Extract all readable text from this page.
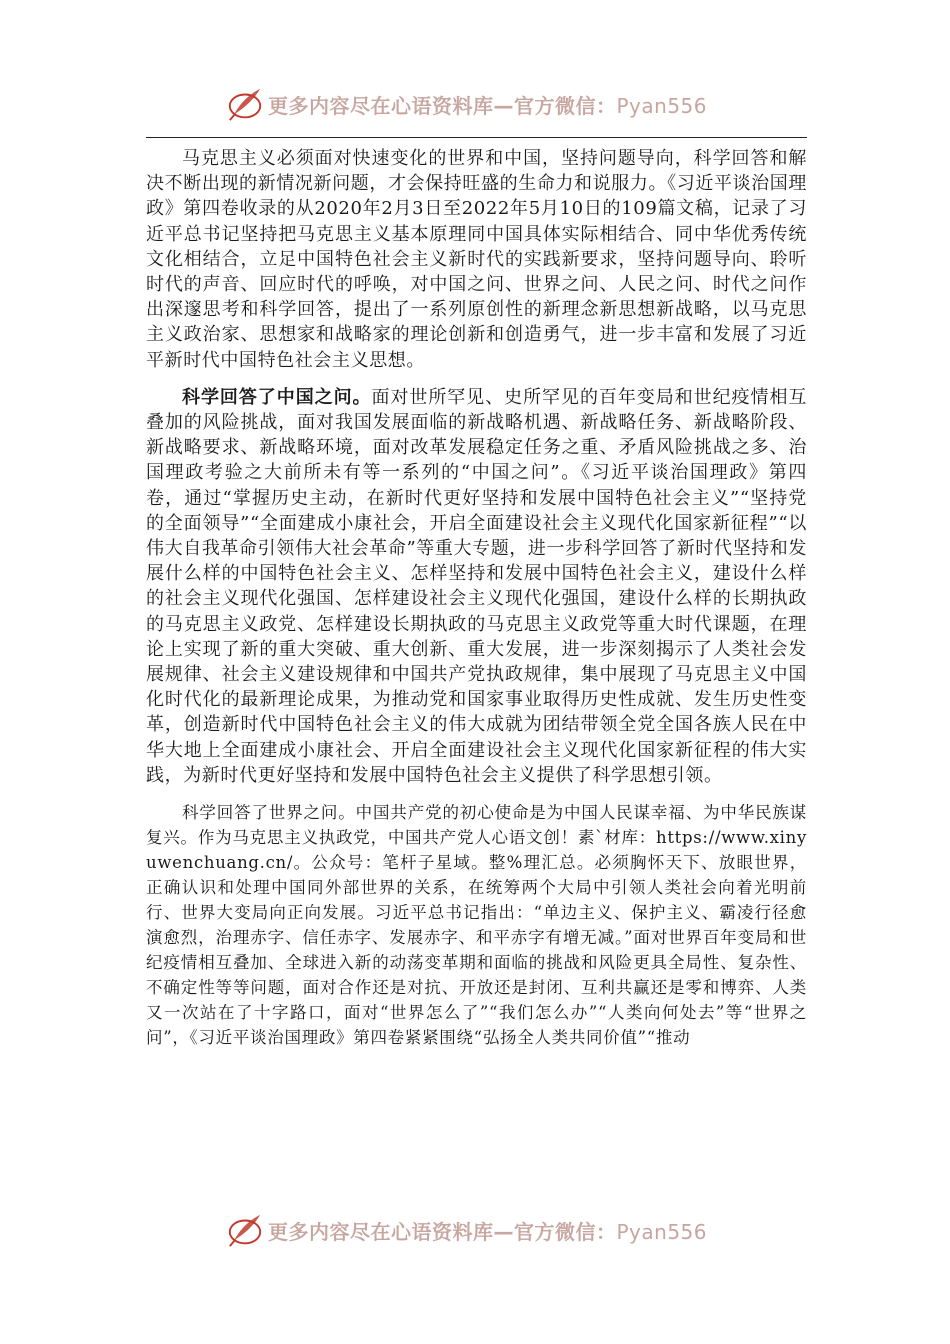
更多内容尽在心语资料库—官方微信：Pyan556

马克思主义必须面对快速变化的世界和中国，坚持问题导向，科学回答和解决不断出现的新情况新问题，才会保持旺盛的生命力和说服力。《习近平谈治国理政》第四卷收录的从2020年2月3日至2022年5月10日的109篇文稿，记录了习近平总书记坚持把马克思主义基本原理同中国具体实际相结合、同中华优秀传统文化相结合，立足中国特色社会主义新时代的实践新要求，坚持问题导向、聆听时代的声音、回应时代的呼唤，对中国之问、世界之问、人民之问、时代之问作出深邃思考和科学回答，提出了一系列原创性的新理念新思想新战略，以马克思主义政治家、思想家和战略家的理论创新和创造勇气，进一步丰富和发展了习近平新时代中国特色社会主义思想。

科学回答了中国之问。面对世所罕见、史所罕见的百年变局和世纪疫情相互叠加的风险挑战，面对我国发展面临的新战略机遇、新战略任务、新战略阶段、新战略要求、新战略环境，面对改革发展稳定任务之重、矛盾风险挑战之多、治国理政考验之大前所未有等一系列的“中国之问”。《习近平谈治国理政》第四卷，通过“掌握历史主动，在新时代更好坚持和发展中国特色社会主义”“坚持党的全面领导”“全面建成小康社会，开启全面建设社会主义现代化国家新征程”“以伟大自我革命引领伟大社会革命”等重大专题，进一步科学回答了新时代坚持和发展什么样的中国特色社会主义、怎样坚持和发展中国特色社会主义，建设什么样的社会主义现代化强国、怎样建设社会主义现代化强国，建设什么样的长期执政的马克思主义政党、怎样建设长期执政的马克思主义政党等重大时代课题，在理论上实现了新的重大突破、重大创新、重大发展，进一步深刻揭示了人类社会发展规律、社会主义建设规律和中国共产党执政规律，集中展现了马克思主义中国化时代化的最新理论成果，为推动党和国家事业取得历史性成就、发生历史性变革，创造新时代中国特色社会主义的伟大成就为团结带领全党全国各族人民在中华大地上全面建成小康社会、开启全面建设社会主义现代化国家新征程的伟大实践，为新时代更好坚持和发展中国特色社会主义提供了科学思想引领。

科学回答了世界之问。中国共产党的初心使命是为中国人民谋幸福、为中华民族谋复兴。作为马克思主义执政党，中国共产党人心语文创！素`材库：https://www.xinyuwenchuang.cn/。公众号：笔杆子星域。整%理汇总。必须胸怀天下、放眼世界，正确认识和处理中国同外部世界的关系，在统筹两个大局中引领人类社会向着光明前行、世界大变局向正向发展。习近平总书记指出：“单边主义、保护主义、霸凌行径愈演愈烈，治理赤字、信任赤字、发展赤字、和平赤字有增无减。”面对世界百年变局和世纪疫情相互叠加、全球进入新的动荡变革期和面临的挑战和风险更具全局性、复杂性、不确定性等等问题，面对合作还是对抗、开放还是封闭、互利共赢还是零和博弈、人类又一次站在了十字路口，面对“世界怎么了”“我们怎么办”“人类向何处去”等“世界之问”，《习近平谈治国理政》第四卷紧紧围绕“弘扬全人类共同价值”“推动

更多内容尽在心语资料库—官方微信：Pyan556
